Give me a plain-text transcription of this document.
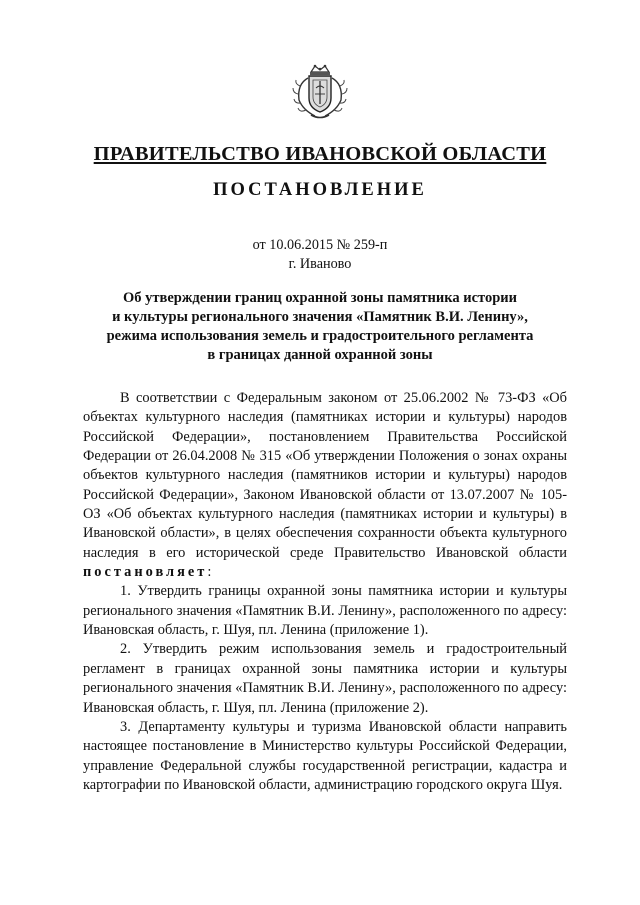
ПРАВИТЕЛЬСТВО ИВАНОВСКОЙ ОБЛАСТИ
ПОСТАНОВЛЕНИЕ
от 10.06.2015 № 259-п
г. Иваново
Об утверждении границ охранной зоны памятника истории
и культуры регионального значения «Памятник В.И. Ленину»,
режима использования земель и градостроительного регламента
в границах данной охранной зоны

В соответствии с Федеральным законом от 25.06.2002 № 73-ФЗ «Об объектах культурного наследия (памятниках истории и культуры) народов Российской Федерации», постановлением Правительства Российской Федерации от 26.04.2008 № 315 «Об утверждении Положения о зонах охраны объектов культурного наследия (памятников истории и культуры) народов Российской Федерации», Законом Ивановской области от 13.07.2007 № 105-ОЗ «Об объектах культурного наследия (памятниках истории и культуры) в Ивановской области», в целях обеспечения сохранности объекта культурного наследия в его исторической среде Правительство Ивановской области постановляет:

1. Утвердить границы охранной зоны памятника истории и культуры регионального значения «Памятник В.И. Ленину», расположенного по адресу: Ивановская область, г. Шуя, пл. Ленина (приложение 1).

2. Утвердить режим использования земель и градостроительный регламент в границах охранной зоны памятника истории и культуры регионального значения «Памятник В.И. Ленину», расположенного по адресу: Ивановская область, г. Шуя, пл. Ленина (приложение 2).

3. Департаменту культуры и туризма Ивановской области направить настоящее постановление в Министерство культуры Российской Федерации, управление Федеральной службы государственной регистрации, кадастра и картографии по Ивановской области, администрацию городского округа Шуя.
